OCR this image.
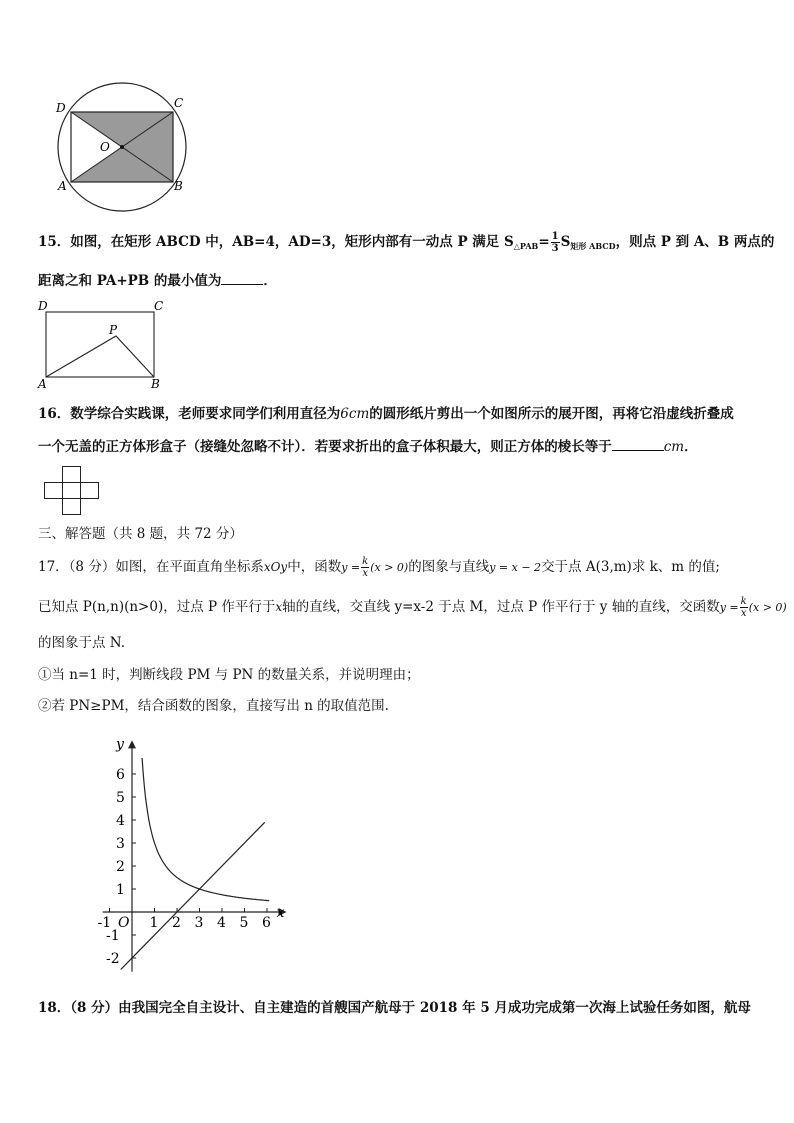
D	C
O
A	B
15．如图，在矩形 ABCD 中，AB=4，AD=3，矩形内部有一动点 P 满足 $S_{\triangle PAB}= \frac{1}{3} S_{矩形 ABCD}$，则点 P 到 A、B 两点的
距离之和 PA+PB 的最小值为	．
D	C
P
A	B
16．数学综合实践课，老师要求同学们利用直径为6cm的圆形纸片剪出一个如图所示的展开图，再将它沿虚线折叠成
一个无盖的正方体形盒子（接缝处忽略不计）．若要求折出的盒子体积最大，则正方体的棱长等于	cm．
三、解答题（共 8 题，共 72 分）
17．（8 分）如图，在平面直角坐标系xOy中，函数$y = \frac{k}{x} (x > 0)$的图象与直线y = x − 2交于点 A(3,m)求 k、m 的值;
已知点 P(n,n)(n>0)，过点 P 作平行于x轴的直线，交直线 y=x-2 于点 M，过点 P 作平行于 y 轴的直线，交函数$y = \frac{k}{x} (x > 0)$
的图象于点 N.
①当 n=1 时，判断线段 PM 与 PN 的数量关系，并说明理由；
②若 PN≥PM，结合函数的图象，直接写出 n 的取值范围.
-1	1 2 3 4 5 6
6
5
4
3
2
1
-1
-2
y
x
O
18．（8 分）由我国完全自主设计、自主建造的首艘国产航母于 2018 年 5 月成功完成第一次海上试验任务如图，航母
